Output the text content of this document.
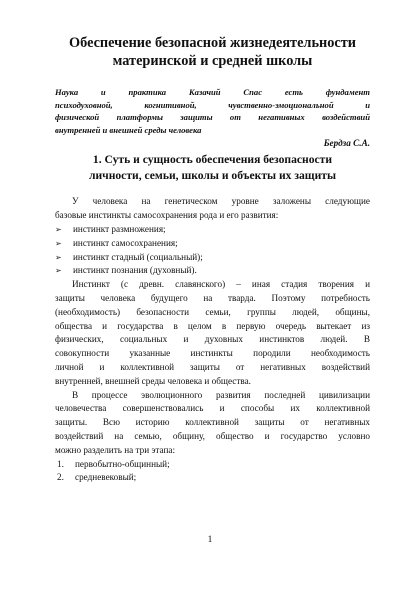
Обеспечение безопасной жизнедеятельности
материнской и средней школы
Наука и практика Казачий Спас есть фундамент
психодуховной, когнитивной, чувственно-эмоциональной и
физической платформы защиты от негативных воздействий
внутренней и внешней среды человека
Бердза С.А.
1. Суть и сущность обеспечения безопасности
личности, семьи, школы и объекты их защиты
У человека на генетическом уровне заложены следующие
базовые инстинкты самосохранения рода и его развития:
➢	инстинкт размножения;
➢	инстинкт самосохранения;
➢	инстинкт стадный (социальный);
➢	инстинкт познания (духовный).
Инстинкт (с древн. славянского) – иная стадия творения и
защиты человека будущего на тварда. Поэтому потребность
(необходимость) безопасности семьи, группы людей, общины,
общества и государства в целом в первую очередь вытекает из
физических, социальных и духовных инстинктов людей. В
совокупности указанные инстинкты породили необходимость
личной и коллективной защиты от негативных воздействий
внутренней, внешней среды человека и общества.
В процессе эволюционного развития последней цивилизации
человечества совершенствовались и способы их коллективной
защиты. Всю историю коллективной защиты от негативных
воздействий на семью, общину, общество и государство условно
можно разделить на три этапа:
1.	первобытно-общинный;
2.	средневековый;
1
